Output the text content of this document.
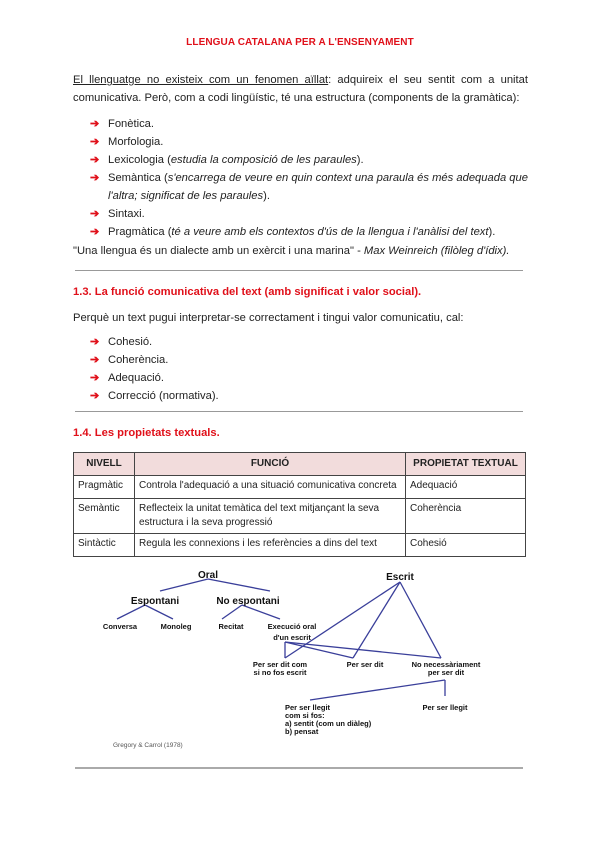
LLENGUA CATALANA PER A L'ENSENYAMENT
El llenguatge no existeix com un fenomen aïllat: adquireix el seu sentit com a unitat comunicativa. Però, com a codi lingüístic, té una estructura (components de la gramàtica):
➔ Fonètica.
➔ Morfologia.
➔ Lexicologia (estudia la composició de les paraules).
➔ Semàntica (s'encarrega de veure en quin context una paraula és més adequada que l'altra; significat de les paraules).
➔ Sintaxi.
➔ Pragmàtica (té a veure amb els contextos d'ús de la llengua i l'anàlisi del text).
"Una llengua és un dialecte amb un exèrcit i una marina" - Max Weinreich (filòleg d'ídix).
1.3. La funció comunicativa del text (amb significat i valor social).
Perquè un text pugui interpretar-se correctament i tingui valor comunicatiu, cal:
➔ Cohesió.
➔ Coherència.
➔ Adequació.
➔ Correcció (normativa).
1.4. Les propietats textuals.
NIVELL	FUNCIÓ	PROPIETAT TEXTUAL
Pragmàtic	Controla l'adequació a una situació comunicativa concreta	Adequació
Semàntic	Reflecteix la unitat temàtica del text mitjançant la seva estructura i la seva progressió	Coherència
Sintàctic	Regula les connexions i les referències a dins del text	Cohesió
Oral
Espontani	No espontani
Conversa	Monoleg	Recitat	Execució oral
d'un escrit
Escrit
Per ser dit com
si no fos escrit
Per ser dit	No necessàriament
per ser dit
Per ser llegit
com si fos:
a) sentit (com un diàleg)
b) pensat
Per ser llegit
Gregory & Carrol (1978)
